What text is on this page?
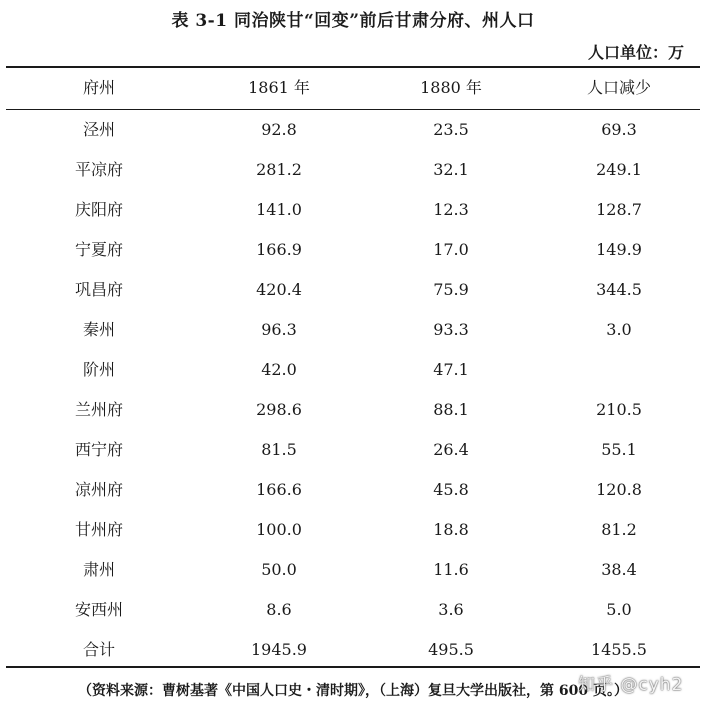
表 3-1 同治陕甘“回变”前后甘肃分府、州人口
人口单位：万
府州	1861 年	1880 年	人口减少
泾州	92.8	23.5	69.3
平凉府	281.2	32.1	249.1
庆阳府	141.0	12.3	128.7
宁夏府	166.9	17.0	149.9
巩昌府	420.4	75.9	344.5
秦州	96.3	93.3	3.0
阶州	42.0	47.1
兰州府	298.6	88.1	210.5
西宁府	81.5	26.4	55.1
凉州府	166.6	45.8	120.8
甘州府	100.0	18.8	81.2
肃州	50.0	11.6	38.4
安西州	8.6	3.6	5.0
合计	1945.9	495.5	1455.5
（资料来源：曹树基著《中国人口史・清时期》，（上海）复旦大学出版社，第 600 页。）
知乎 @cyh2
